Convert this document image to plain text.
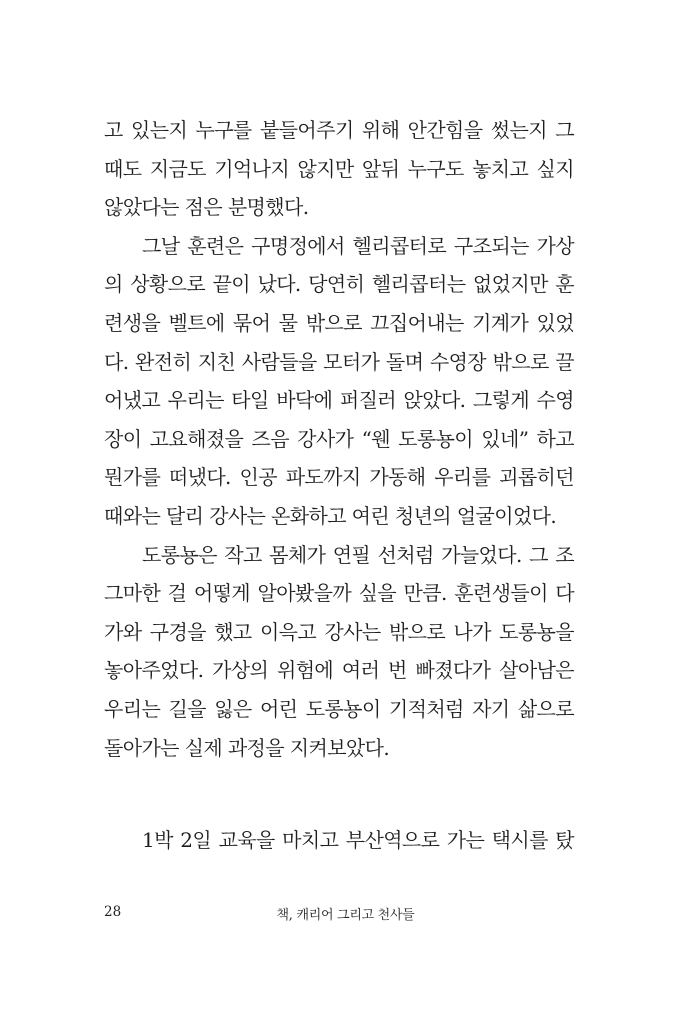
고 있는지 누구를 붙들어주기 위해 안간힘을 썼는지 그
때도 지금도 기억나지 않지만 앞뒤 누구도 놓치고 싶지
않았다는 점은 분명했다.
그날 훈련은 구명정에서 헬리콥터로 구조되는 가상
의 상황으로 끝이 났다. 당연히 헬리콥터는 없었지만 훈
련생을 벨트에 묶어 물 밖으로 끄집어내는 기계가 있었
다. 완전히 지친 사람들을 모터가 돌며 수영장 밖으로 끌
어냈고 우리는 타일 바닥에 퍼질러 앉았다. 그렇게 수영
장이 고요해졌을 즈음 강사가 “웬 도롱뇽이 있네” 하고
뭔가를 떠냈다. 인공 파도까지 가동해 우리를 괴롭히던
때와는 달리 강사는 온화하고 여린 청년의 얼굴이었다.
도롱뇽은 작고 몸체가 연필 선처럼 가늘었다. 그 조
그마한 걸 어떻게 알아봤을까 싶을 만큼. 훈련생들이 다
가와 구경을 했고 이윽고 강사는 밖으로 나가 도롱뇽을
놓아주었다. 가상의 위험에 여러 번 빠졌다가 살아남은
우리는 길을 잃은 어린 도롱뇽이 기적처럼 자기 삶으로
돌아가는 실제 과정을 지켜보았다.
1박 2일 교육을 마치고 부산역으로 가는 택시를 탔
28	책, 캐리어 그리고 천사들
